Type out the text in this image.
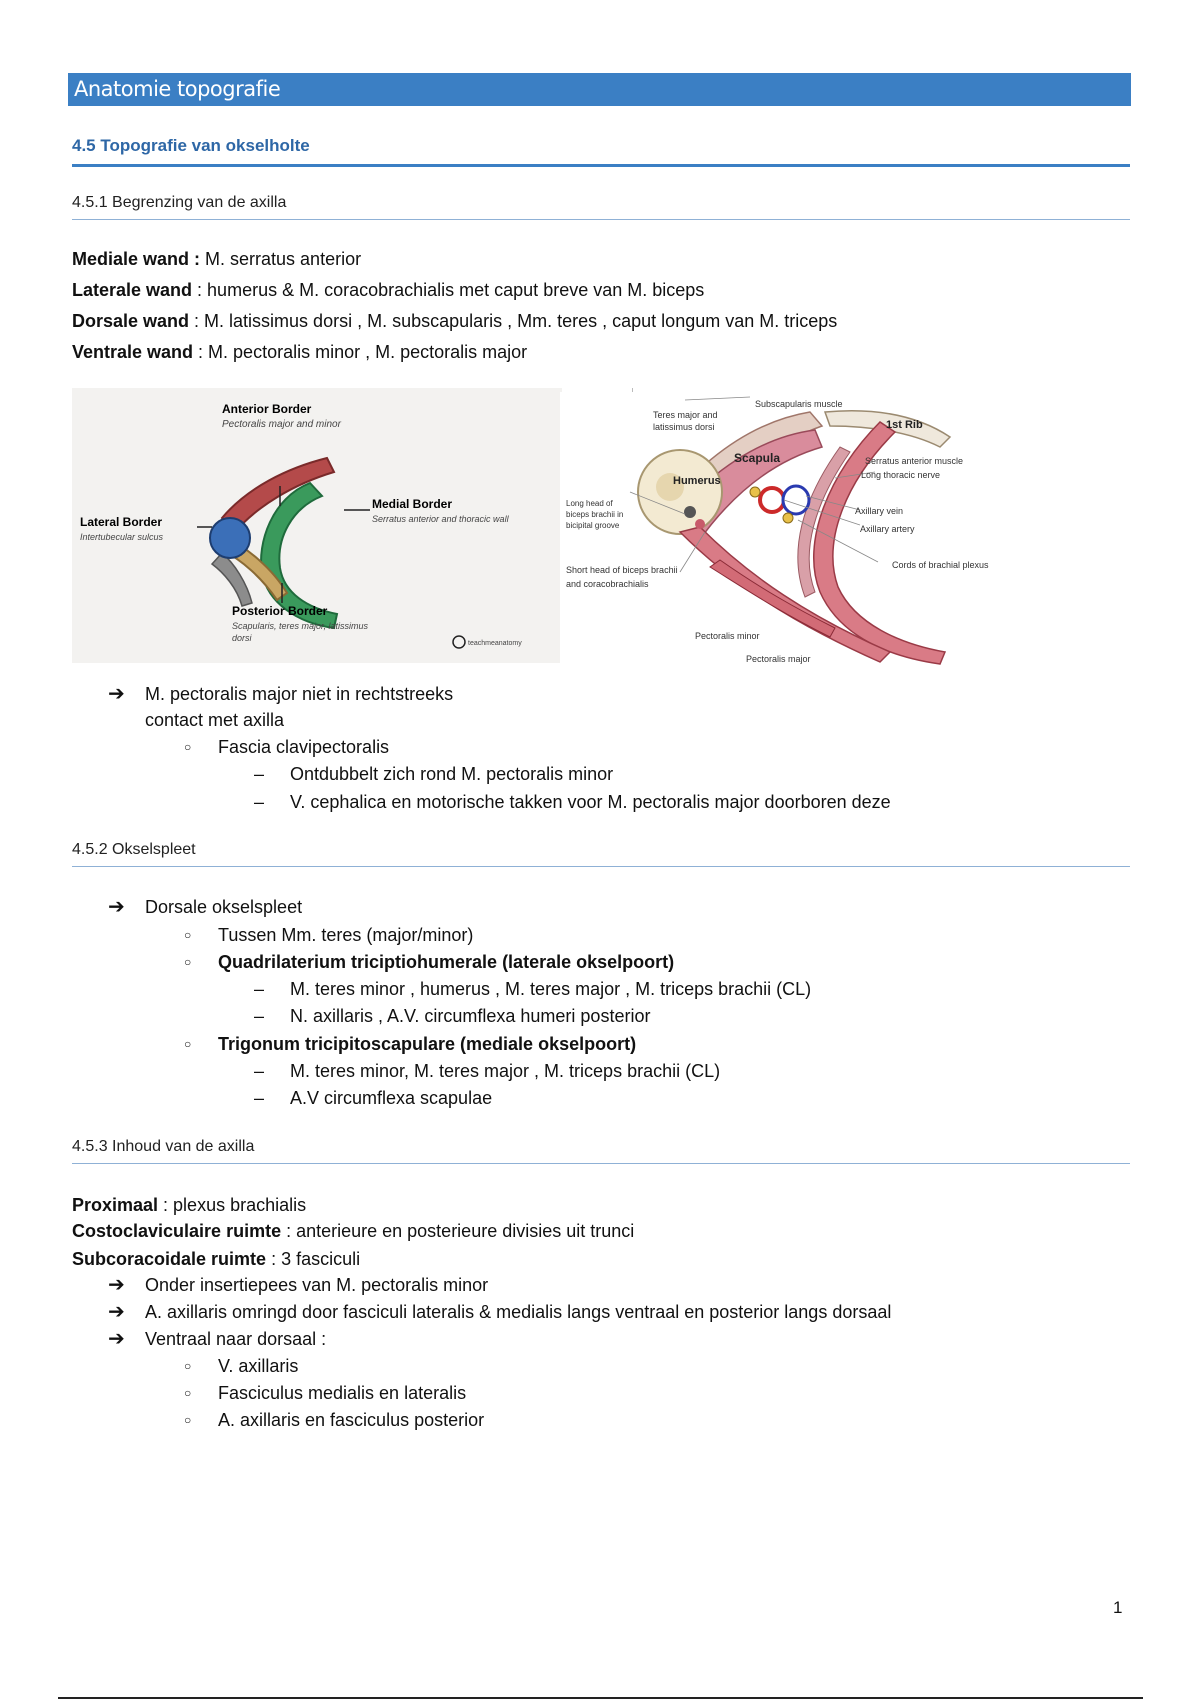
Anatomie topografie
4.5 Topografie van okselholte
4.5.1 Begrenzing van de axilla

Mediale wand : M. serratus anterior

Laterale wand : humerus & M. coracobrachialis met caput breve van M. biceps

Dorsale wand : M. latissimus dorsi , M. subscapularis , Mm. teres , caput longum van M. triceps

Ventrale wand : M. pectoralis minor , M. pectoralis major

Anterior Border
Pectoralis major and minor
Medial Border
Serratus anterior and thoracic wall
Lateral Border
Intertubecular sulcus
Posterior Border
Scapularis, teres major, latissimus
dorsi
teachmeanatomy
Teres major and
latissimus dorsi
Subscapularis muscle
1st Rib
Scapula
Humerus
Serratus anterior muscle
Long thoracic nerve
Long head of
biceps brachii in
bicipital groove
Axillary vein
Axillary artery
Cords of brachial plexus
Short head of biceps brachii
and coracobrachialis
Pectoralis minor
Pectoralis major
➔ M. pectoralis major niet in rechtstreeks
contact met axilla
○ Fascia clavipectoralis
– Ontdubbelt zich rond M. pectoralis minor
– V. cephalica en motorische takken voor M. pectoralis major doorboren deze
4.5.2 Okselspleet
➔ Dorsale okselspleet
○ Tussen Mm. teres (major/minor)
○ Quadrilaterium triciptiohumerale (laterale okselpoort)
– M. teres minor , humerus , M. teres major , M. triceps brachii (CL)
– N. axillaris , A.V. circumflexa humeri posterior
○ Trigonum tricipitoscapulare (mediale okselpoort)
– M. teres minor, M. teres major , M. triceps brachii (CL)
– A.V circumflexa scapulae
4.5.3 Inhoud van de axilla
Proximaal : plexus brachialis
Costoclaviculaire ruimte : anterieure en posterieure divisies uit trunci
Subcoracoidale ruimte : 3 fasciculi
➔ Onder insertiepees van M. pectoralis minor
➔ A. axillaris omringd door fasciculi lateralis & medialis langs ventraal en posterior langs dorsaal
➔ Ventraal naar dorsaal :
○ V. axillaris
○ Fasciculus medialis en lateralis
○ A. axillaris en fasciculus posterior
1
